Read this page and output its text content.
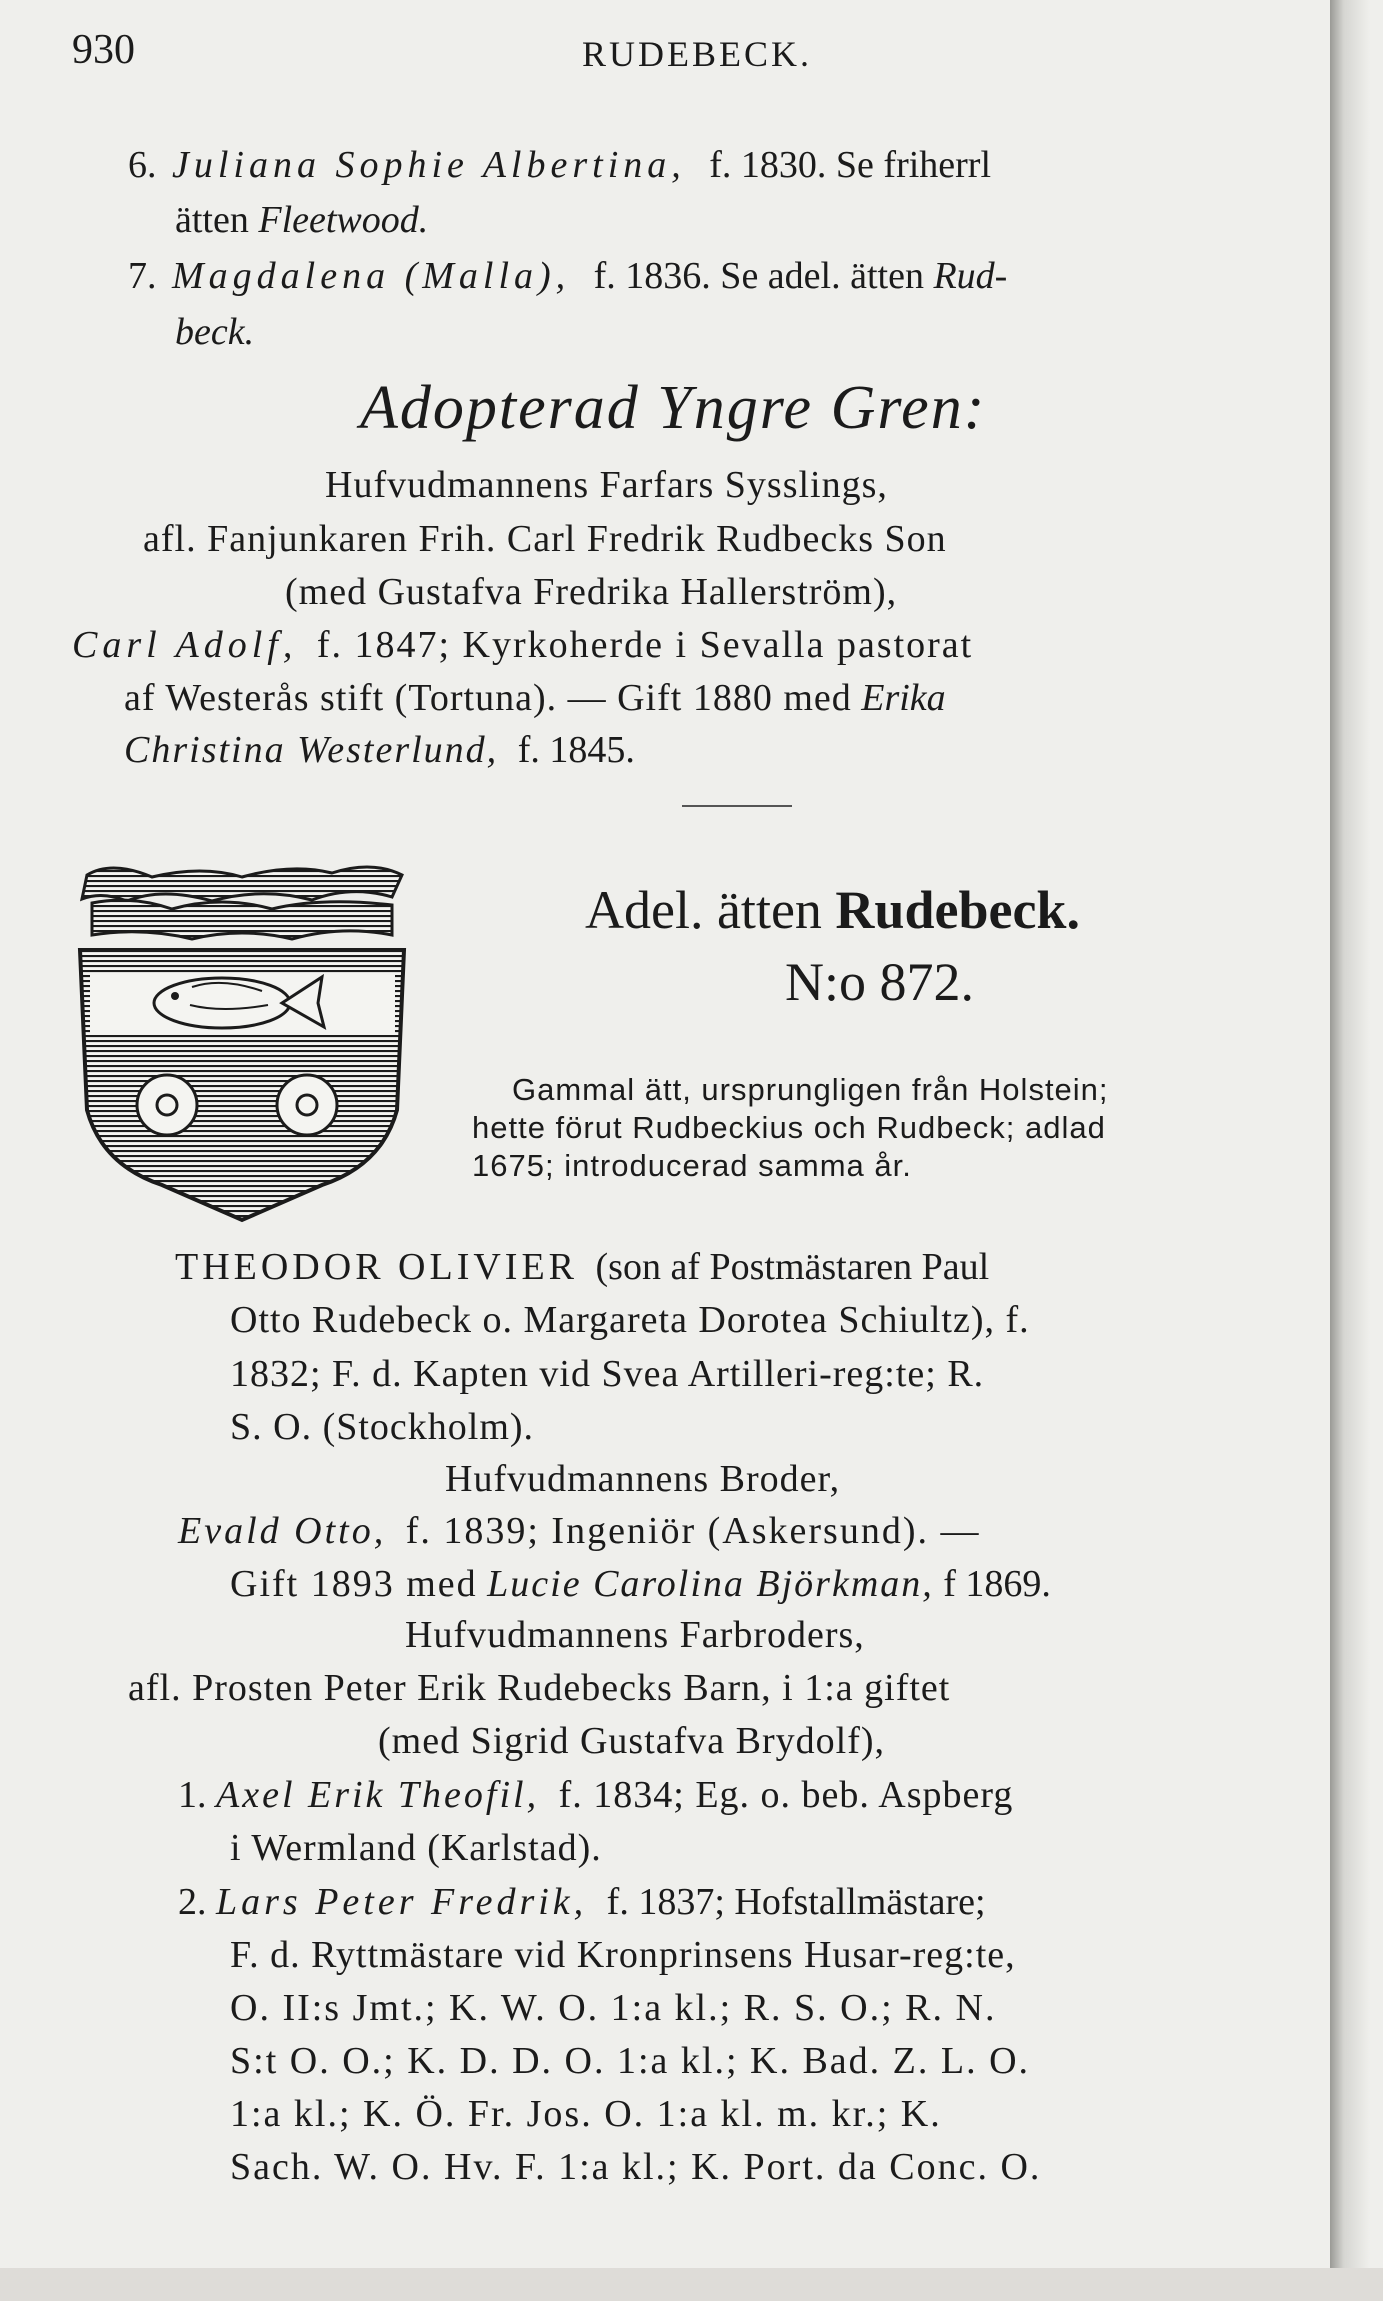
930	RUDEBECK.
6. Juliana Sophie Albertina, f. 1830. Se friherrl
ätten Fleetwood.
7. Magdalena (Malla), f. 1836. Se adel. ätten Rud-
beck.
Adopterad Yngre Gren:
Hufvudmannens Farfars Sysslings,
afl. Fanjunkaren Frih. Carl Fredrik Rudbecks Son
(med Gustafva Fredrika Hallerström),
Carl Adolf, f. 1847; Kyrkoherde i Sevalla pastorat
af Westerås stift (Tortuna). — Gift 1880 med Erika
Christina Westerlund, f. 1845.
Adel. ätten Rudebeck.
N:o 872.
Gammal ätt, ursprungligen från Holstein;
hette förut Rudbeckius och Rudbeck; adlad
1675; introducerad samma år.
THEODOR OLIVIER (son af Postmästaren Paul
Otto Rudebeck o. Margareta Dorotea Schiultz), f.
1832; F. d. Kapten vid Svea Artilleri-reg:te; R.
S. O. (Stockholm).
Hufvudmannens Broder,
Evald Otto, f. 1839; Ingeniör (Askersund). —
Gift 1893 med Lucie Carolina Björkman, f 1869.
Hufvudmannens Farbroders,
afl. Prosten Peter Erik Rudebecks Barn, i 1:a giftet
(med Sigrid Gustafva Brydolf),
1. Axel Erik Theofil, f. 1834; Eg. o. beb. Aspberg
i Wermland (Karlstad).
2. Lars Peter Fredrik, f. 1837; Hofstallmästare;
F. d. Ryttmästare vid Kronprinsens Husar-reg:te,
O. II:s Jmt.; K. W. O. 1:a kl.; R. S. O.; R. N.
S:t O. O.; K. D. D. O. 1:a kl.; K. Bad. Z. L. O.
1:a kl.; K. Ö. Fr. Jos. O. 1:a kl. m. kr.; K.
Sach. W. O. Hv. F. 1:a kl.; K. Port. da Conc. O.
